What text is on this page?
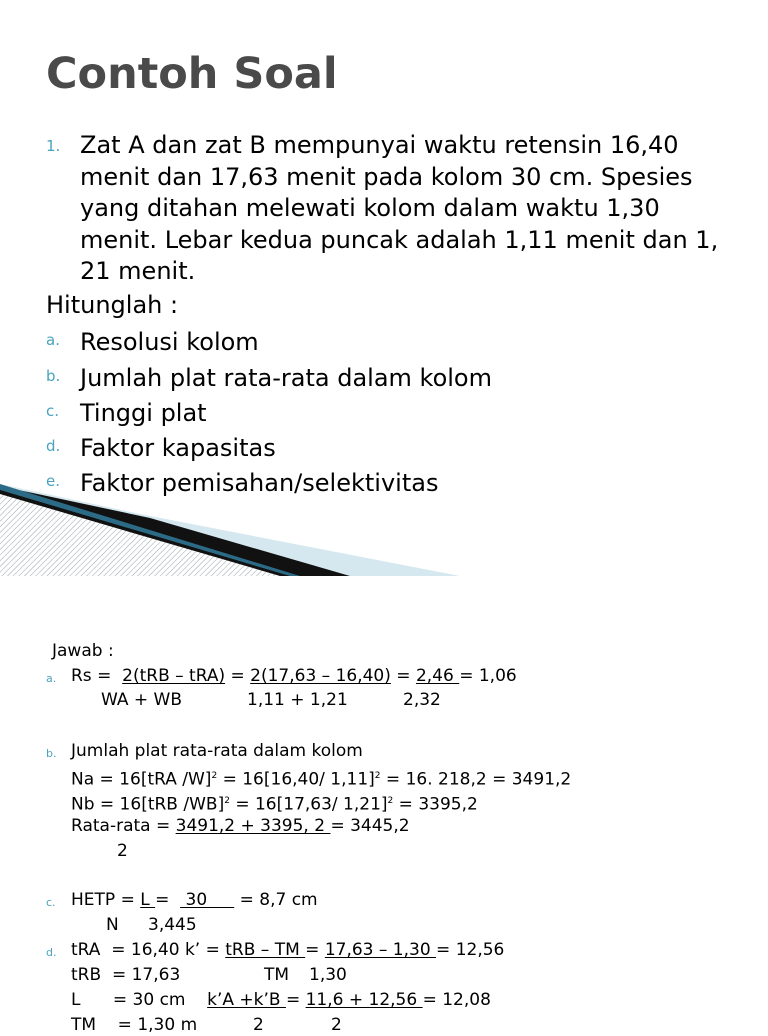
Contoh Soal
1. Zat A dan zat B mempunyai waktu retensin 16,40 menit dan 17,63 menit pada kolom 30 cm. Spesies yang ditahan melewati kolom dalam waktu 1,30 menit. Lebar kedua puncak adalah 1,11 menit dan 1, 21 menit.
Hitunglah :
a. Resolusi kolom
b. Jumlah plat rata-rata dalam kolom
c. Tinggi plat
d. Faktor kapasitas
e. Faktor pemisahan/selektivitas
Jawab :
a. Rs =  2(tRB – tRA) = 2(17,63 – 16,40) = 2,46 = 1,06
WA + WB	1,11 + 1,21	2,32
b. Jumlah plat rata-rata dalam kolom
Na = 16[tRA /W]$^2$ = 16[16,40/ 1,11]$^2$ = 16. 218,2 = 3491,2
Nb = 16[tRB /WB]$^2$ = 16[17,63/ 1,21]$^2$ = 3395,2
Rata-rata = 3491,2 + 3395, 2 = 3445,2
2
c. HETP = L =   30      = 8,7 cm
N 3,445
d. tRA  = 16,40 k’ = tRB – TM = 17,63 – 1,30 = 12,56
tRB  = 17,63	TM 1,30
L      = 30 cm k’A +k’B = 11,6 + 12,56 = 12,08
TM    = 1,30 m	2	2
